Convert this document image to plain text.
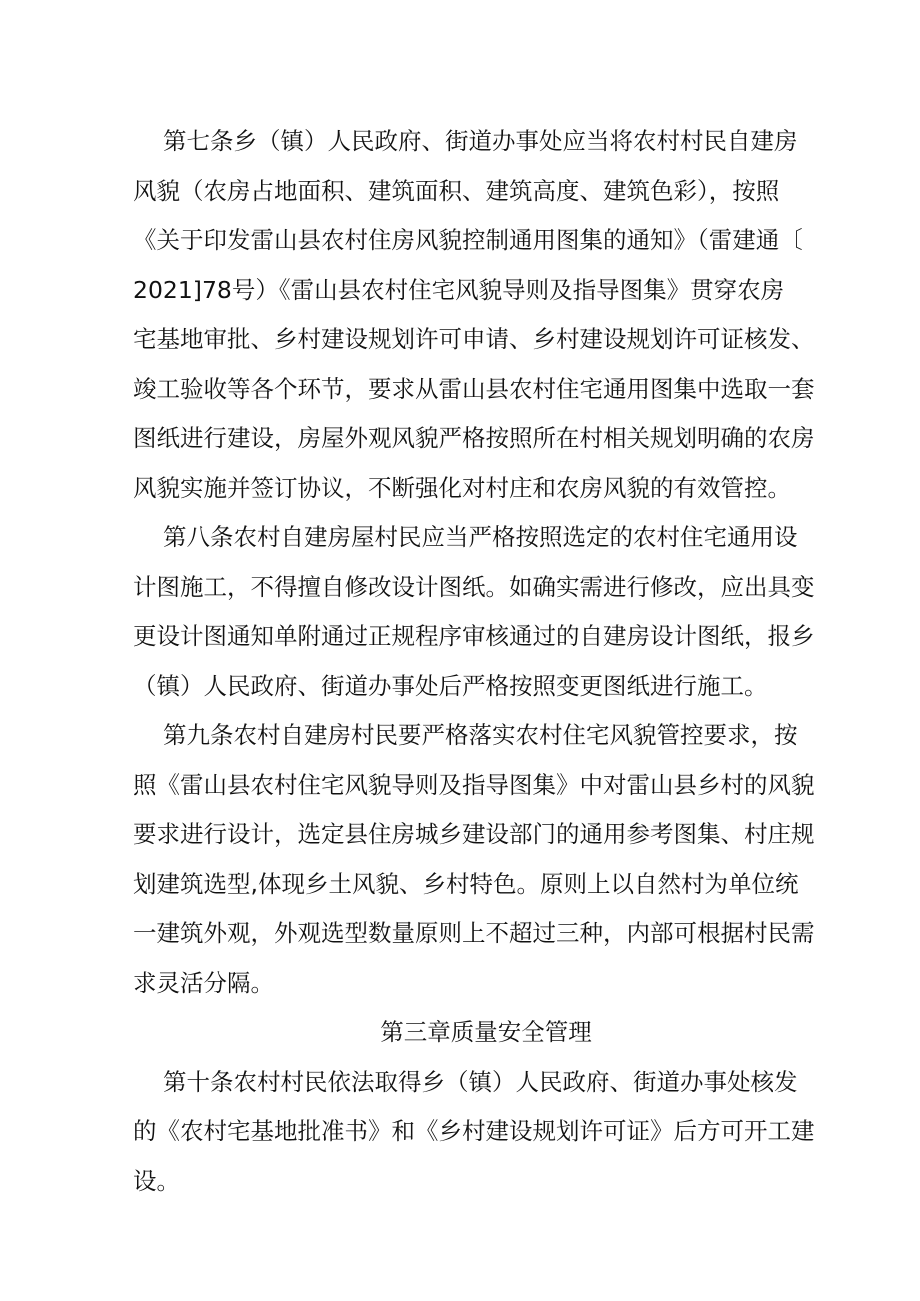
第七条乡（镇）人民政府、街道办事处应当将农村村民自建房
风貌（农房占地面积、建筑面积、建筑高度、建筑色彩），按照
《关于印发雷山县农村住房风貌控制通用图集的通知》（雷建通〔
2021]78号）《雷山县农村住宅风貌导则及指导图集》贯穿农房
宅基地审批、乡村建设规划许可申请、乡村建设规划许可证核发、
竣工验收等各个环节，要求从雷山县农村住宅通用图集中选取一套
图纸进行建设，房屋外观风貌严格按照所在村相关规划明确的农房
风貌实施并签订协议，不断强化对村庄和农房风貌的有效管控。
第八条农村自建房屋村民应当严格按照选定的农村住宅通用设
计图施工，不得擅自修改设计图纸。如确实需进行修改，应出具变
更设计图通知单附通过正规程序审核通过的自建房设计图纸，报乡
（镇）人民政府、街道办事处后严格按照变更图纸进行施工。
第九条农村自建房村民要严格落实农村住宅风貌管控要求，按
照《雷山县农村住宅风貌导则及指导图集》中对雷山县乡村的风貌
要求进行设计，选定县住房城乡建设部门的通用参考图集、村庄规
划建筑选型,体现乡土风貌、乡村特色。原则上以自然村为单位统
一建筑外观，外观选型数量原则上不超过三种，内部可根据村民需
求灵活分隔。
第三章质量安全管理
第十条农村村民依法取得乡（镇）人民政府、街道办事处核发
的《农村宅基地批准书》和《乡村建设规划许可证》后方可开工建
设。
